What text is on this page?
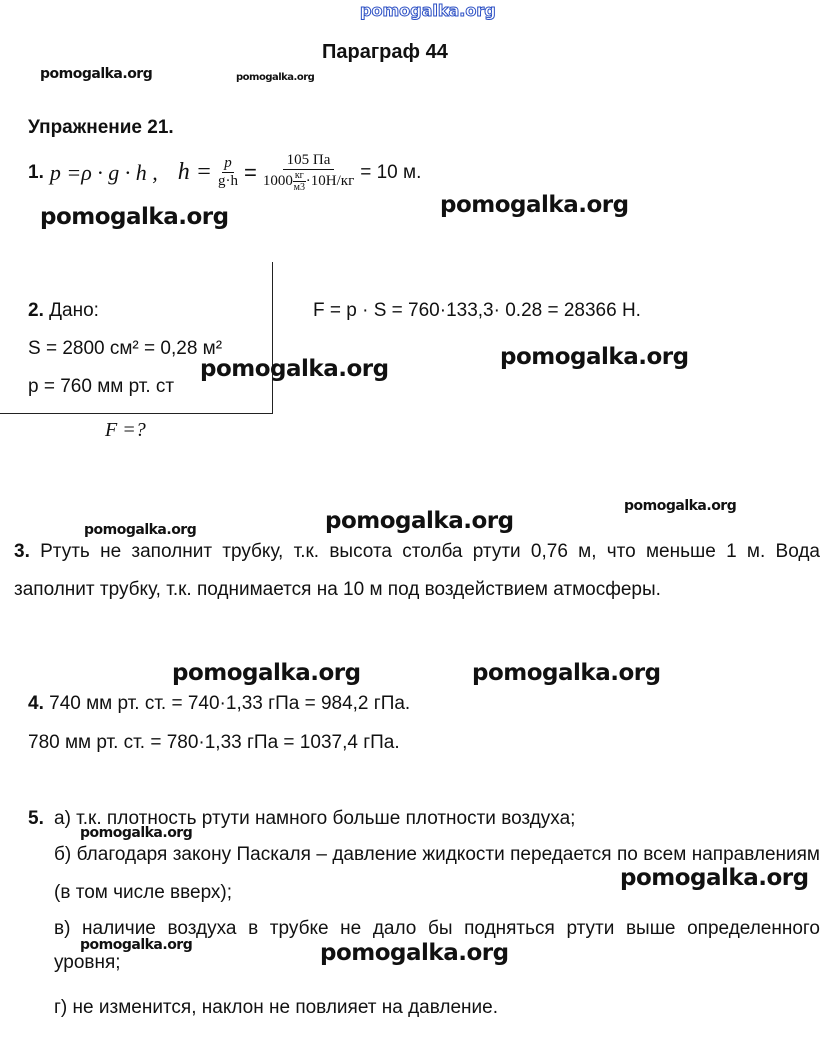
pomogalka.org
Параграф 44
pomogalka.org	pomogalka.org
Упражнение 21.
1. p =ρ · g · h , $h = \frac{p}{g\cdot h} = \frac{105 Па}{1000 \frac{кг}{м3} \cdot 10Н/кг} = 10$ м.
pomogalka.org	pomogalka.org
2. Дано:
S = 2800 см² = 0,28 м²
p = 760 мм рт. ст
F =?
F = p · S = 760·133,3· 0.28 = 28366 Н.
pomogalka.org	pomogalka.org
pomogalka.org
pomogalka.org	pomogalka.org
3. Ртуть не заполнит трубку, т.к. высота столба ртути 0,76 м, что меньше 1 м. Вода заполнит трубку, т.к. поднимается на 10 м под воздействием атмосферы.
pomogalka.org	pomogalka.org
4. 740 мм рт. ст. = 740·1,33 гПа = 984,2 гПа.
780 мм рт. ст. = 780·1,33 гПа = 1037,4 гПа.
5. а) т.к. плотность ртути намного больше плотности воздуха;
б) благодаря закону Паскаля – давление жидкости передается по всем направлениям (в том числе вверх);
в) наличие воздуха в трубке не дало бы подняться ртути выше определенного уровня;
г) не изменится, наклон не повлияет на давление.
pomogalka.org
pomogalka.org
pomogalka.org	pomogalka.org
